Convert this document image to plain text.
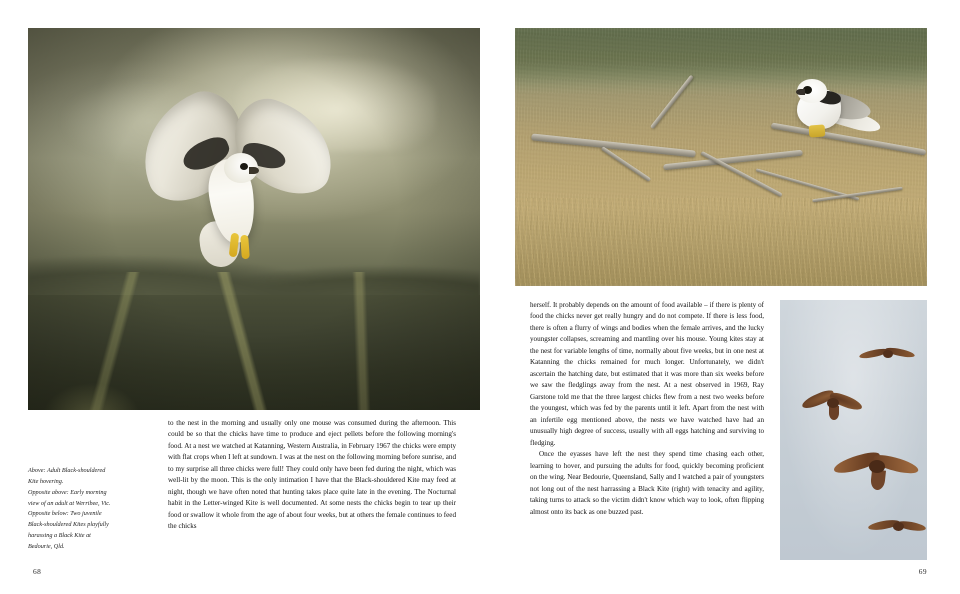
Above: Adult Black-shouldered
Kite hovering.
Opposite above: Early morning
view of an adult at Werribee, Vic.
Opposite below: Two juvenile
Black-shouldered Kites playfully
harassing a Black Kite at
Bedourie, Qld.
to the nest in the morning and usually only one mouse was consumed during the afternoon. This could be so that the chicks have time to produce and eject pellets before the following morning's food. At a nest we watched at Katanning, Western Australia, in February 1967 the chicks were empty with flat crops when I left at sundown. I was at the nest on the following morning before sunrise, and to my surprise all three chicks were full! They could only have been fed during the night, which was well-lit by the moon. This is the only intimation I have that the Black-shouldered Kite may feed at night, though we have often noted that hunting takes place quite late in the evening. The Nocturnal habit in the Letter-winged Kite is well documented. At some nests the chicks begin to tear up their food or swallow it whole from the age of about four weeks, but at others the female continues to feed the chicks
68

herself. It probably depends on the amount of food available – if there is plenty of food the chicks never get really hungry and do not compete. If there is less food, there is often a flurry of wings and bodies when the female arrives, and the lucky youngster collapses, screaming and mantling over his mouse. Young kites stay at the nest for variable lengths of time, normally about five weeks, but in one nest at Katanning the chicks remained for much longer. Unfortunately, we didn't ascertain the hatching date, but estimated that it was more than six weeks before we saw the fledglings away from the nest. At a nest observed in 1969, Ray Garstone told me that the three largest chicks flew from a nest two weeks before the youngest, which was fed by the parents until it left. Apart from the nest with an infertile egg mentioned above, the nests we have watched have had an unusually high degree of success, usually with all eggs hatching and surviving to fledging.

Once the eyasses have left the nest they spend time chasing each other, learning to hover, and pursuing the adults for food, quickly becoming proficient on the wing. Near Bedourie, Queensland, Sally and I watched a pair of youngsters not long out of the nest harrassing a Black Kite (right) with tenacity and agility, taking turns to attack so the victim didn't know which way to look, often flipping almost onto its back as one buzzed past.

69
